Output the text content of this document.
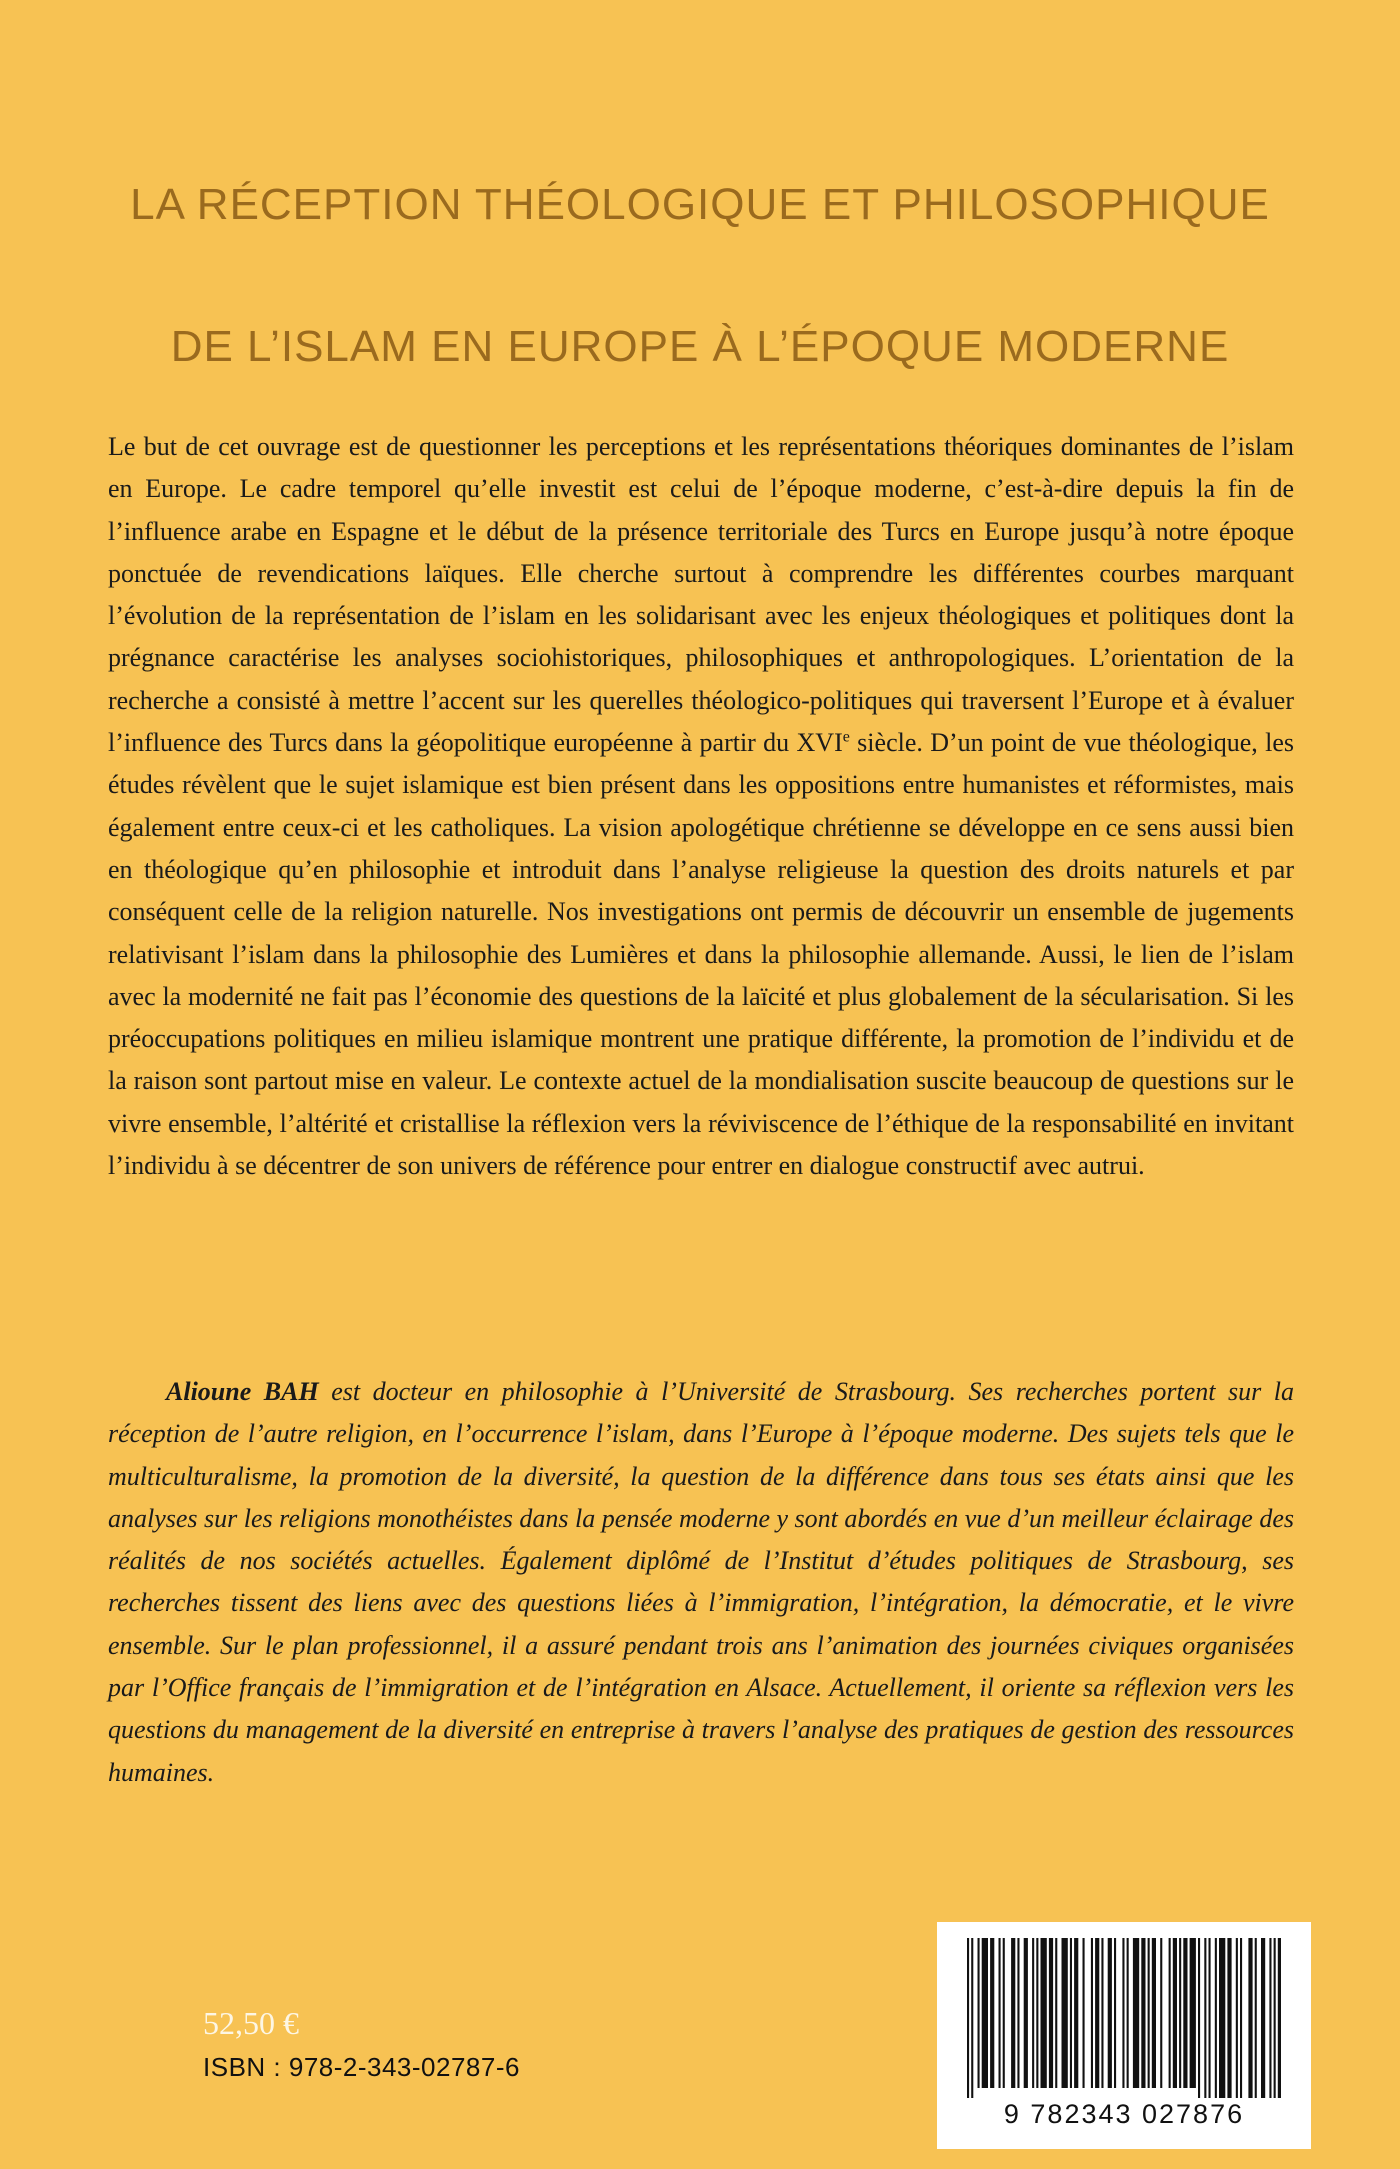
LA RÉCEPTION THÉOLOGIQUE ET PHILOSOPHIQUE
DE L’ISLAM EN EUROPE À L’ÉPOQUE MODERNE

Le but de cet ouvrage est de questionner les perceptions et les représentations théoriques dominantes de l’islam en Europe. Le cadre temporel qu’elle investit est celui de l’époque moderne, c’est-à-dire depuis la fin de l’influence arabe en Espagne et le début de la présence territoriale des Turcs en Europe jusqu’à notre époque ponctuée de revendications laïques. Elle cherche surtout à comprendre les différentes courbes marquant l’évolution de la représentation de l’islam en les solidarisant avec les enjeux théologiques et politiques dont la prégnance caractérise les analyses sociohistoriques, philosophiques et anthropologiques. L’orientation de la recherche a consisté à mettre l’accent sur les querelles théologico-politiques qui traversent l’Europe et à évaluer l’influence des Turcs dans la géopolitique européenne à partir du XVIe siècle. D’un point de vue théologique, les études révèlent que le sujet islamique est bien présent dans les oppositions entre humanistes et réformistes, mais également entre ceux-ci et les catholiques. La vision apologétique chrétienne se développe en ce sens aussi bien en théologique qu’en philosophie et introduit dans l’analyse religieuse la question des droits naturels et par conséquent celle de la religion naturelle. Nos investigations ont permis de découvrir un ensemble de jugements relativisant l’islam dans la philosophie des Lumières et dans la philosophie allemande. Aussi, le lien de l’islam avec la modernité ne fait pas l’économie des questions de la laïcité et plus globalement de la sécularisation. Si les préoccupations politiques en milieu islamique montrent une pratique différente, la promotion de l’individu et de la raison sont partout mise en valeur. Le contexte actuel de la mondialisation suscite beaucoup de questions sur le vivre ensemble, l’altérité et cristallise la réflexion vers la réviviscence de l’éthique de la responsabilité en invitant l’individu à se décentrer de son univers de référence pour entrer en dialogue constructif avec autrui.

Alioune BAH est docteur en philosophie à l’Université de Strasbourg. Ses recherches portent sur la réception de l’autre religion, en l’occurrence l’islam, dans l’Europe à l’époque moderne. Des sujets tels que le multiculturalisme, la promotion de la diversité, la question de la différence dans tous ses états ainsi que les analyses sur les religions monothéistes dans la pensée moderne y sont abordés en vue d’un meilleur éclairage des réalités de nos sociétés actuelles. Également diplômé de l’Institut d’études politiques de Strasbourg, ses recherches tissent des liens avec des questions liées à l’immigration, l’intégration, la démocratie, et le vivre ensemble. Sur le plan professionnel, il a assuré pendant trois ans l’animation des journées civiques organisées par l’Office français de l’immigration et de l’intégration en Alsace. Actuellement, il oriente sa réflexion vers les questions du management de la diversité en entreprise à travers l’analyse des pratiques de gestion des ressources humaines.

52,50 €
ISBN : 978-2-343-02787-6
9 782343 027876
